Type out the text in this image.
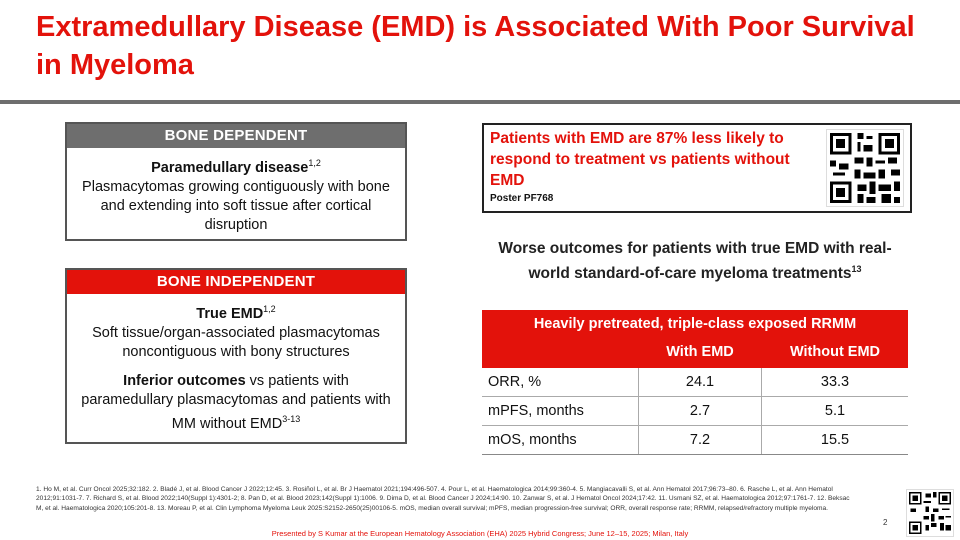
Extramedullary Disease (EMD) is Associated With Poor Survival in Myeloma
BONE DEPENDENT
Paramedullary disease$^{1,2}$
Plasmacytomas growing contiguously with bone and extending into soft tissue after cortical disruption
BONE INDEPENDENT
True EMD$^{1,2}$
Soft tissue/organ-associated plasmacytomas noncontiguous with bony structures
Inferior outcomes vs patients with paramedullary plasmacytomas and patients with MM without EMD$^{3-13}$
Patients with EMD are 87% less likely to respond to treatment vs patients without EMD
Poster PF768
Worse outcomes for patients with true EMD with real-world standard-of-care myeloma treatments$^{13}$
Heavily pretreated, triple-class exposed RRMM
With EMD	Without EMD
ORR, %	24.1	33.3
mPFS, months	2.7	5.1
mOS, months	7.2	15.5
1. Ho M, et al. Curr Oncol 2025;32:182. 2. Bladé J, et al. Blood Cancer J 2022;12:45. 3. Rosiñol L, et al. Br J Haematol 2021;194:496-507. 4. Pour L, et al. Haematologica 2014;99:360-4. 5. Mangiacavalli S, et al. Ann Hematol 2017;96:73–80. 6. Rasche L, et al. Ann Hematol 2012;91:1031-7. 7. Richard S, et al. Blood 2022;140(Suppl 1):4301-2; 8. Pan D, et al. Blood 2023;142(Suppl 1):1006. 9. Dima D, et al. Blood Cancer J 2024;14:90. 10. Zanwar S, et al. J Hematol Oncol 2024;17:42. 11. Usmani SZ, et al. Haematologica 2012;97:1761-7. 12. Beksac M, et al. Haematologica 2020;105:201-8. 13. Moreau P, et al. Clin Lymphoma Myeloma Leuk 2025:S2152-2650(25)00106-5. mOS, median overall survival; mPFS, median progression-free survival; ORR, overall response rate; RRMM, relapsed/refractory multiple myeloma.
2
Presented by S Kumar at the European Hematology Association (EHA) 2025 Hybrid Congress; June 12–15, 2025; Milan, Italy
